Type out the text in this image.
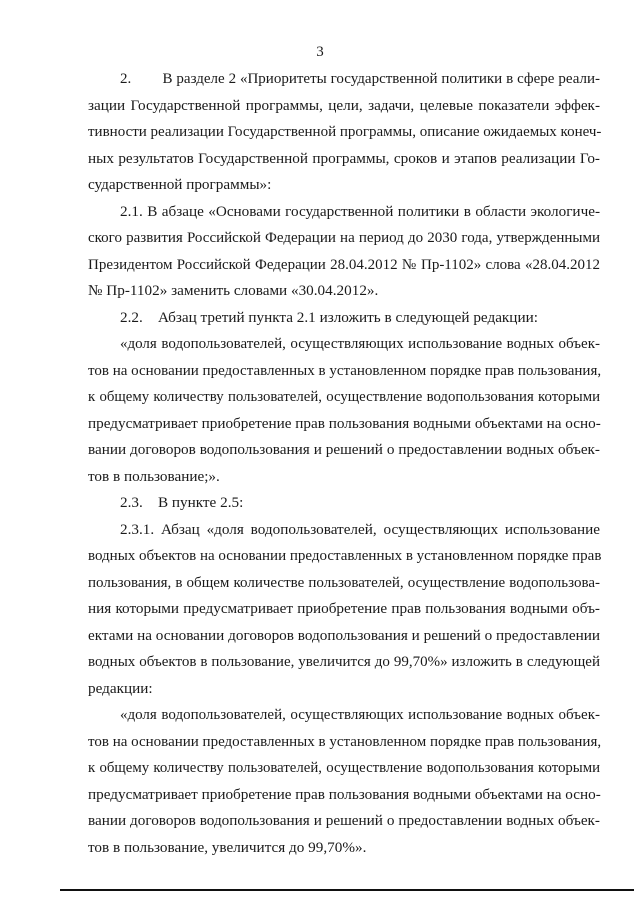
3
2.        В разделе 2 «Приоритеты государственной политики в сфере реали-
зации Государственной программы, цели, задачи, целевые показатели эффек-
тивности реализации Государственной программы, описание ожидаемых конеч-
ных результатов Государственной программы, сроков и этапов реализации Го-
сударственной программы»:
2.1. В абзаце «Основами государственной политики в области экологиче-
ского развития Российской Федерации на период до 2030 года, утвержденными
Президентом Российской Федерации 28.04.2012 № Пр-1102» слова «28.04.2012
№ Пр-1102» заменить словами «30.04.2012».
2.2.    Абзац третий пункта 2.1 изложить в следующей редакции:
«доля водопользователей, осуществляющих использование водных объек-
тов на основании предоставленных в установленном порядке прав пользования,
к общему количеству пользователей, осуществление водопользования которыми
предусматривает приобретение прав пользования водными объектами на осно-
вании договоров водопользования и решений о предоставлении водных объек-
тов в пользование;».
2.3.    В пункте 2.5:
2.3.1. Абзац «доля водопользователей, осуществляющих использование
водных объектов на основании предоставленных в установленном порядке прав
пользования, в общем количестве пользователей, осуществление водопользова-
ния которыми предусматривает приобретение прав пользования водными объ-
ектами на основании договоров водопользования и решений о предоставлении
водных объектов в пользование, увеличится до 99,70%» изложить в следующей
редакции:
«доля водопользователей, осуществляющих использование водных объек-
тов на основании предоставленных в установленном порядке прав пользования,
к общему количеству пользователей, осуществление водопользования которыми
предусматривает приобретение прав пользования водными объектами на осно-
вании договоров водопользования и решений о предоставлении водных объек-
тов в пользование, увеличится до 99,70%».
